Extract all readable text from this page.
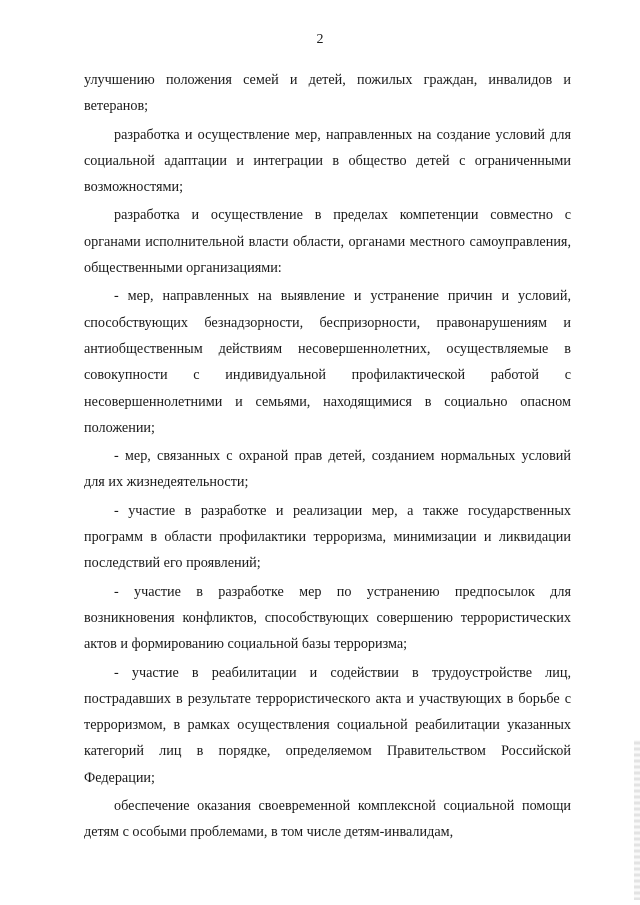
2

улучшению положения семей и детей, пожилых граждан, инвалидов и ветеранов;

разработка и осуществление мер, направленных на создание условий для социальной адаптации и интеграции в общество детей с ограниченными возможностями;

разработка и осуществление в пределах компетенции совместно с органами исполнительной власти области, органами местного самоуправления, общественными организациями:

- мер, направленных на выявление и устранение причин и условий, способствующих безнадзорности, беспризорности, правонарушениям и антиобщественным действиям несовершеннолетних, осуществляемые в совокупности с индивидуальной профилактической работой с несовершеннолетними и семьями, находящимися в социально опасном положении;

- мер, связанных с охраной прав детей, созданием нормальных условий для их жизнедеятельности;

- участие в разработке и реализации мер, а также государственных программ в области профилактики терроризма, минимизации и ликвидации последствий его проявлений;

- участие в разработке мер по устранению предпосылок для возникновения конфликтов, способствующих совершению террористических актов и формированию социальной базы терроризма;

- участие в реабилитации и содействии в трудоустройстве лиц, пострадавших в результате террористического акта и участвующих в борьбе с терроризмом, в рамках осуществления социальной реабилитации указанных категорий лиц в порядке, определяемом Правительством Российской Федерации;

обеспечение оказания своевременной комплексной социальной помощи детям с особыми проблемами, в том числе детям-инвалидам,
